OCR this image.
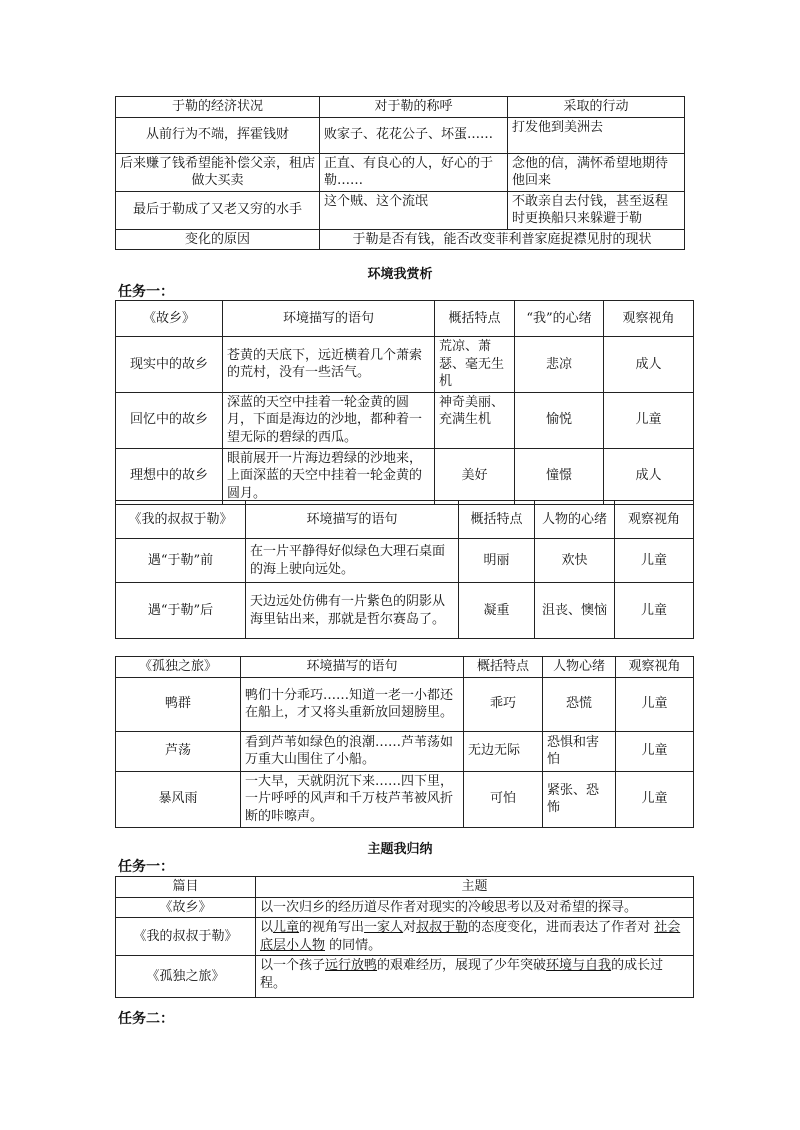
于勒的经济状况	对于勒的称呼	采取的行动
从前行为不端，挥霍钱财	败家子、花花公子、坏蛋……	打发他到美洲去
后来赚了钱希望能补偿父亲，租店做大买卖	正直、有良心的人，好心的于勒……	念他的信，满怀希望地期待他回来
最后于勒成了又老又穷的水手	这个贼、这个流氓	不敢亲自去付钱，甚至返程时更换船只来躲避于勒
变化的原因	于勒是否有钱，能否改变菲利普家庭捉襟见肘的现状	
环境我赏析
任务一：
《故乡》	环境描写的语句	概括特点	“我”的心绪	观察视角
现实中的故乡	苍黄的天底下，远近横着几个萧索的荒村，没有一些活气。	荒凉、萧瑟、毫无生机	悲凉	成人
回忆中的故乡	深蓝的天空中挂着一轮金黄的圆月，下面是海边的沙地，都种着一望无际的碧绿的西瓜。	神奇美丽、充满生机	愉悦	儿童
理想中的故乡	眼前展开一片海边碧绿的沙地来，上面深蓝的天空中挂着一轮金黄的圆月。	美好	憧憬	成人
《我的叔叔于勒》	环境描写的语句	概括特点	人物的心绪	观察视角
遇“于勒”前	在一片平静得好似绿色大理石桌面的海上驶向远处。	明丽	欢快	儿童
遇“于勒”后	天边远处仿佛有一片紫色的阴影从海里钻出来，那就是哲尔赛岛了。	凝重	沮丧、懊恼	儿童
《孤独之旅》	环境描写的语句	概括特点	人物心绪	观察视角
鸭群	鸭们十分乖巧……知道一老一小都还在船上，才又将头重新放回翅膀里。	乖巧	恐慌	儿童
芦荡	看到芦苇如绿色的浪潮……芦苇荡如万重大山围住了小船。	无边无际	恐惧和害怕	儿童
暴风雨	一大早，天就阴沉下来……四下里，一片呼呼的风声和千万枝芦苇被风折断的咔嚓声。	可怕	紧张、恐怖	儿童
主题我归纳
任务一：
篇目	主题
《故乡》	以一次归乡的经历道尽作者对现实的冷峻思考以及对希望的探寻。
《我的叔叔于勒》	以儿童的视角写出一家人对叔叔于勒的态度变化，进而表达了作者对 社会底层小人物 的同情。
《孤独之旅》	以一个孩子远行放鸭的艰难经历，展现了少年突破环境与自我的成长过程。
任务二：
